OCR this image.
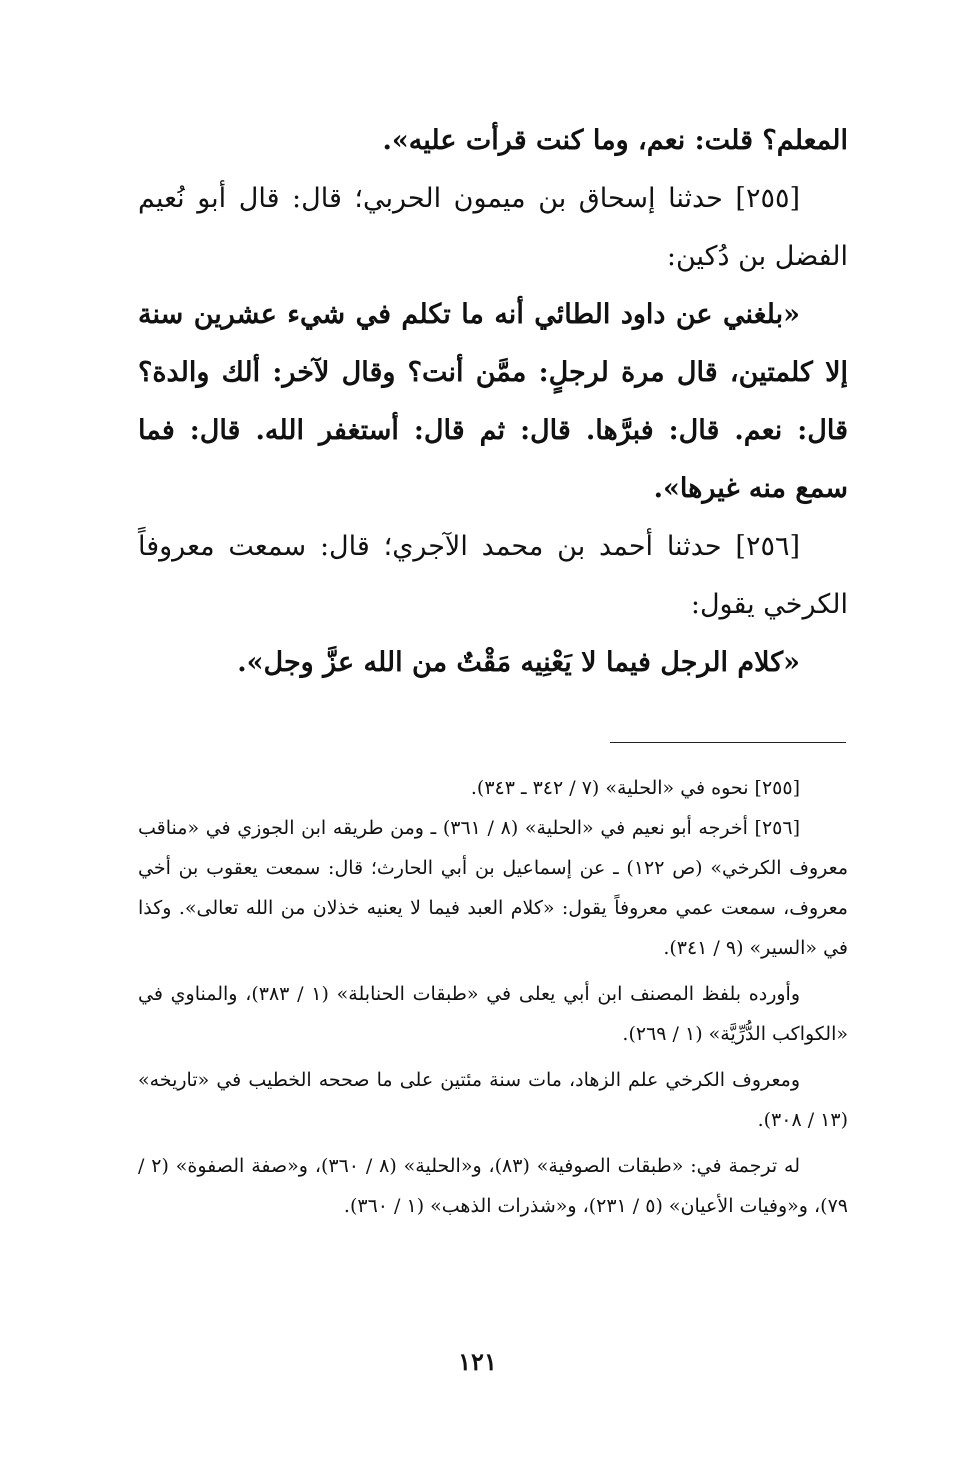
المعلم؟ قلت: نعم، وما كنت قرأت عليه».

[٢٥٥] حدثنا إسحاق بن ميمون الحربي؛ قال: قال أبو نُعيم الفضل بن دُكين:

«بلغني عن داود الطائي أنه ما تكلم في شيء عشرين سنة إلا كلمتين، قال مرة لرجلٍ: ممَّن أنت؟ وقال لآخر: ألك والدة؟ قال: نعم. قال: فبرَّها. قال: ثم قال: أستغفر الله. قال: فما سمع منه غيرها».

[٢٥٦] حدثنا أحمد بن محمد الآجري؛ قال: سمعت معروفاً الكرخي يقول:

«كلام الرجل فيما لا يَعْنِيه مَقْتٌ من الله عزَّ وجل».

[٢٥٥] نحوه في «الحلية» (٧ / ٣٤٢ ـ ٣٤٣).

[٢٥٦] أخرجه أبو نعيم في «الحلية» (٨ / ٣٦١) ـ ومن طريقه ابن الجوزي في «مناقب معروف الكرخي» (ص ١٢٢) ـ عن إسماعيل بن أبي الحارث؛ قال: سمعت يعقوب بن أخي معروف، سمعت عمي معروفاً يقول: «كلام العبد فيما لا يعنيه خذلان من الله تعالى». وكذا في «السير» (٩ / ٣٤١).

وأورده بلفظ المصنف ابن أبي يعلى في «طبقات الحنابلة» (١ / ٣٨٣)، والمناوي في «الكواكب الدُّرِّيَّة» (١ / ٢٦٩).

ومعروف الكرخي علم الزهاد، مات سنة مئتين على ما صححه الخطيب في «تاريخه» (١٣ / ٣٠٨).

له ترجمة في: «طبقات الصوفية» (٨٣)، و«الحلية» (٨ / ٣٦٠)، و«صفة الصفوة» (٢ / ٧٩)، و«وفيات الأعيان» (٥ / ٢٣١)، و«شذرات الذهب» (١ / ٣٦٠).

١٢١
